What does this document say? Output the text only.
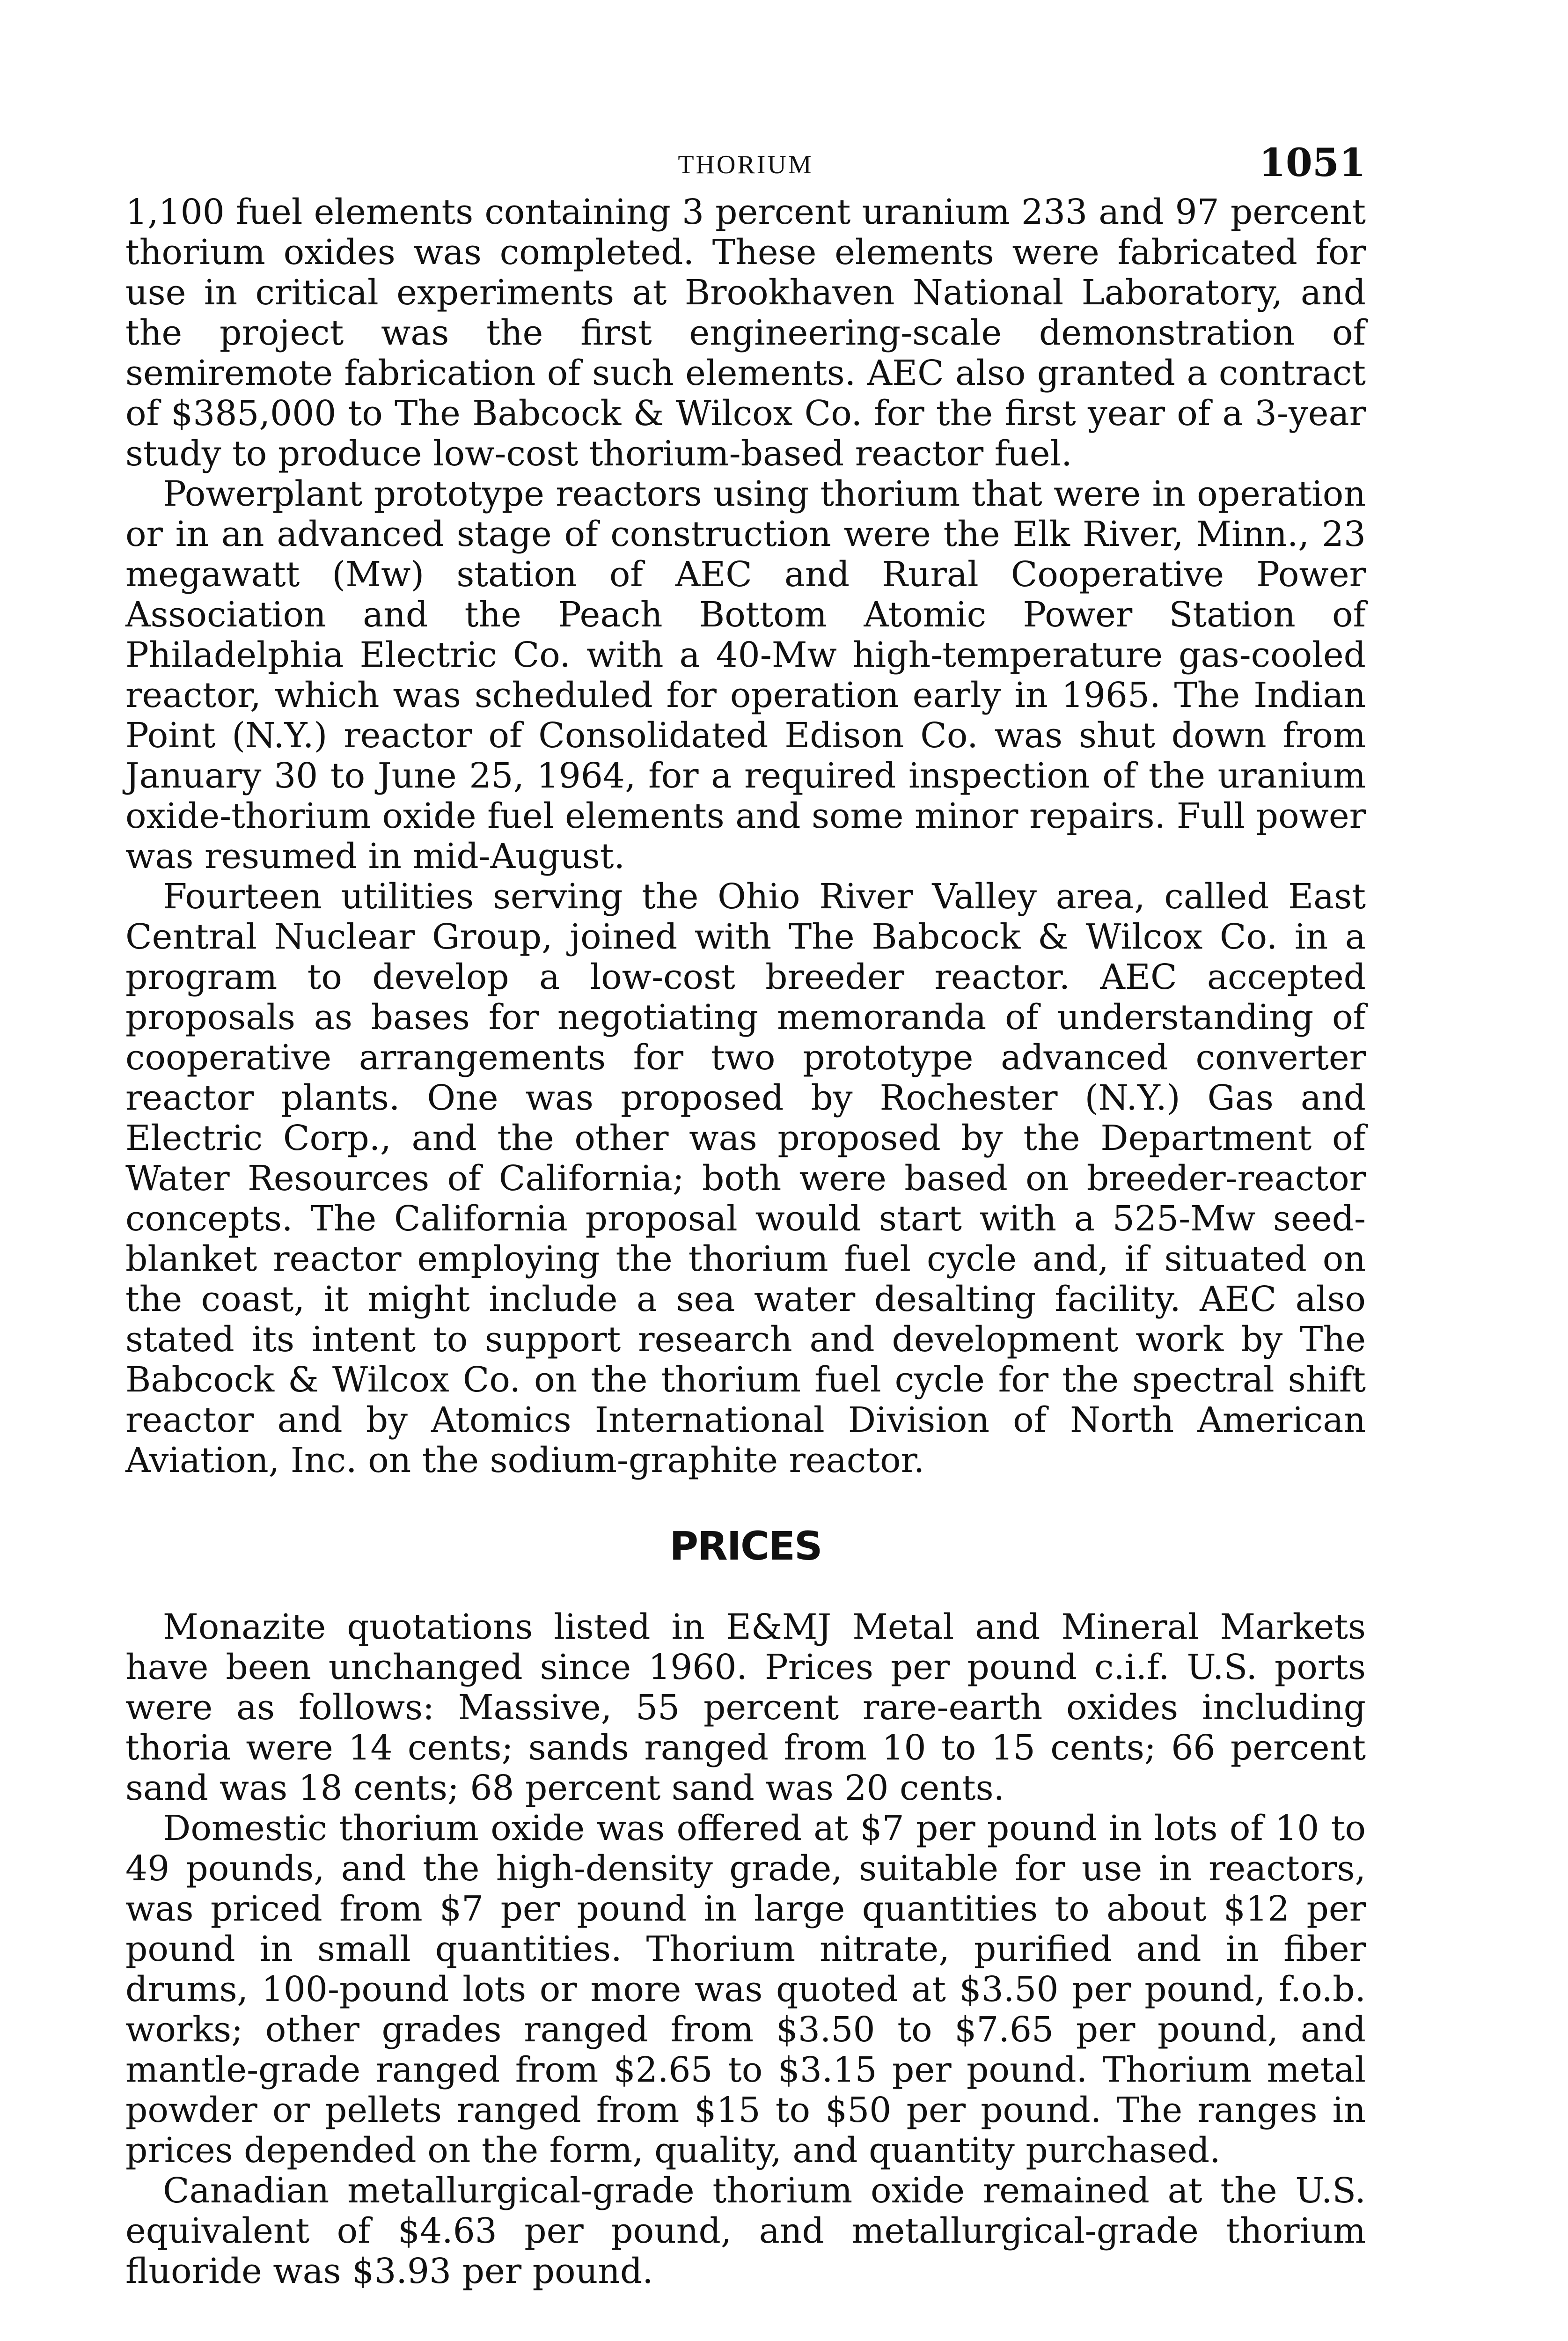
THORIUM	1051

1,100 fuel elements containing 3 percent uranium 233 and 97 percent thorium oxides was completed. These elements were fabricated for use in critical experiments at Brookhaven National Laboratory, and the project was the first engineering-scale demonstration of semiremote fabrication of such elements. AEC also granted a contract of $385,000 to The Babcock & Wilcox Co. for the first year of a 3-year study to produce low-cost thorium-based reactor fuel.

Powerplant prototype reactors using thorium that were in operation or in an advanced stage of construction were the Elk River, Minn., 23 megawatt (Mw) station of AEC and Rural Cooperative Power Association and the Peach Bottom Atomic Power Station of Philadelphia Electric Co. with a 40-Mw high-temperature gas-cooled reactor, which was scheduled for operation early in 1965. The Indian Point (N.Y.) reactor of Consolidated Edison Co. was shut down from January 30 to June 25, 1964, for a required inspection of the uranium oxide-thorium oxide fuel elements and some minor repairs. Full power was resumed in mid-August.

Fourteen utilities serving the Ohio River Valley area, called East Central Nuclear Group, joined with The Babcock & Wilcox Co. in a program to develop a low-cost breeder reactor. AEC accepted proposals as bases for negotiating memoranda of understanding of cooperative arrangements for two prototype advanced converter reactor plants. One was proposed by Rochester (N.Y.) Gas and Electric Corp., and the other was proposed by the Department of Water Resources of California; both were based on breeder-reactor concepts. The California proposal would start with a 525-Mw seed-blanket reactor employing the thorium fuel cycle and, if situated on the coast, it might include a sea water desalting facility. AEC also stated its intent to support research and development work by The Babcock & Wilcox Co. on the thorium fuel cycle for the spectral shift reactor and by Atomics International Division of North American Aviation, Inc. on the sodium-graphite reactor.

PRICES

Monazite quotations listed in E&MJ Metal and Mineral Markets have been unchanged since 1960. Prices per pound c.i.f. U.S. ports were as follows: Massive, 55 percent rare-earth oxides including thoria were 14 cents; sands ranged from 10 to 15 cents; 66 percent sand was 18 cents; 68 percent sand was 20 cents.

Domestic thorium oxide was offered at $7 per pound in lots of 10 to 49 pounds, and the high-density grade, suitable for use in reactors, was priced from $7 per pound in large quantities to about $12 per pound in small quantities. Thorium nitrate, purified and in fiber drums, 100-pound lots or more was quoted at $3.50 per pound, f.o.b. works; other grades ranged from $3.50 to $7.65 per pound, and mantle-grade ranged from $2.65 to $3.15 per pound. Thorium metal powder or pellets ranged from $15 to $50 per pound. The ranges in prices depended on the form, quality, and quantity purchased.

Canadian metallurgical-grade thorium oxide remained at the U.S. equivalent of $4.63 per pound, and metallurgical-grade thorium fluoride was $3.93 per pound.
